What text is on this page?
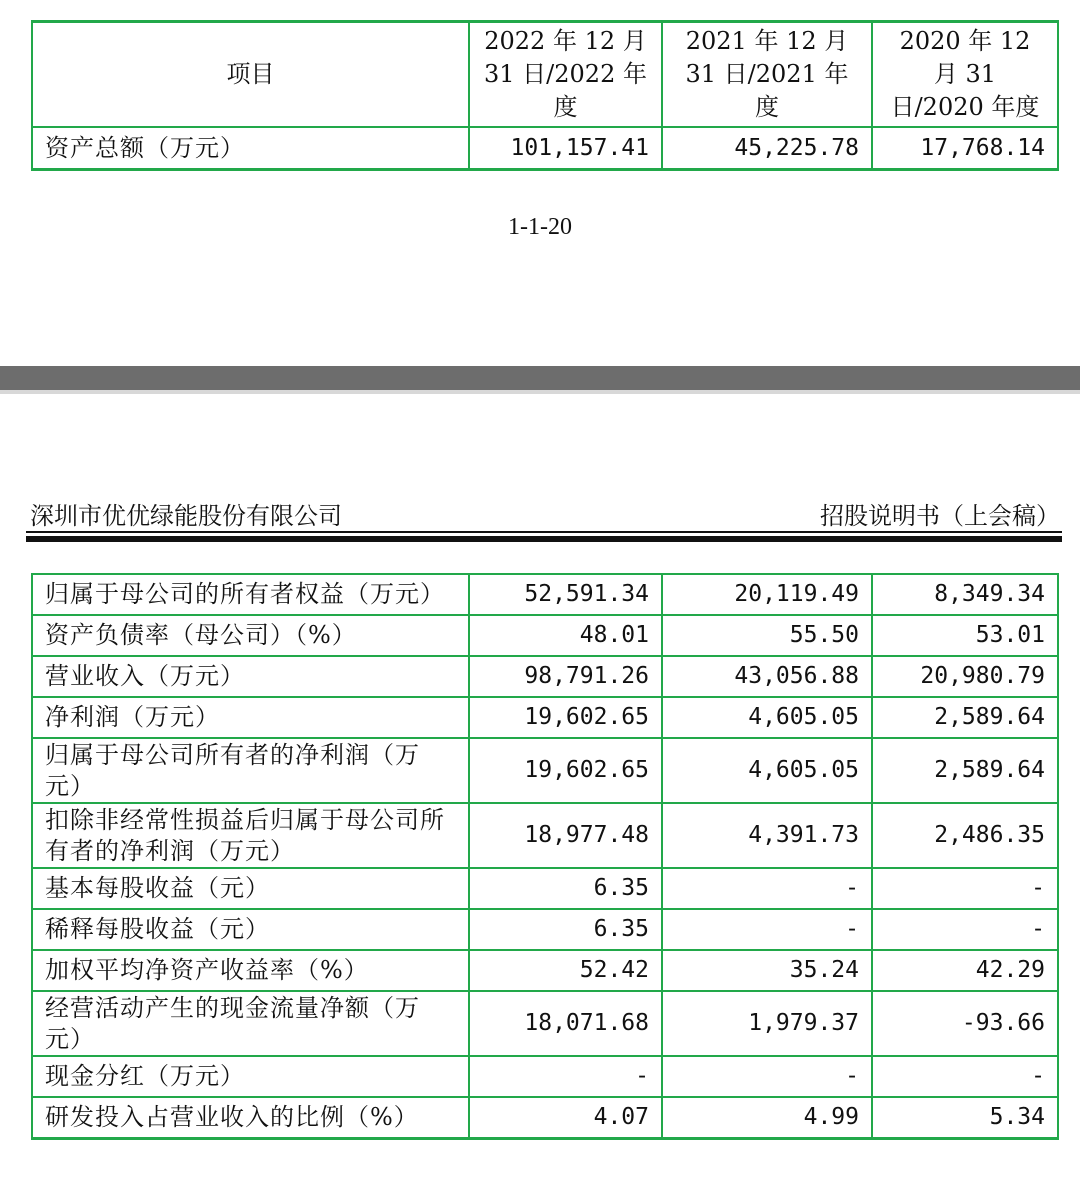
项目	2022 年 12 月 31 日/2022 年度	2021 年 12 月 31 日/2021 年度	2020 年 12 月 31 日/2020 年度
资产总额（万元）	101,157.41	45,225.78	17,768.14
1-1-20
深圳市优优绿能股份有限公司	招股说明书（上会稿）
归属于母公司的所有者权益（万元）	52,591.34	20,119.49	8,349.34
资产负债率（母公司）（%）	48.01	55.50	53.01
营业收入（万元）	98,791.26	43,056.88	20,980.79
净利润（万元）	19,602.65	4,605.05	2,589.64
归属于母公司所有者的净利润（万元）	19,602.65	4,605.05	2,589.64
扣除非经常性损益后归属于母公司所有者的净利润（万元）	18,977.48	4,391.73	2,486.35
基本每股收益（元）	6.35	-	-
稀释每股收益（元）	6.35	-	-
加权平均净资产收益率（%）	52.42	35.24	42.29
经营活动产生的现金流量净额（万元）	18,071.68	1,979.37	-93.66
现金分红（万元）	-	-	-
研发投入占营业收入的比例（%）	4.07	4.99	5.34
